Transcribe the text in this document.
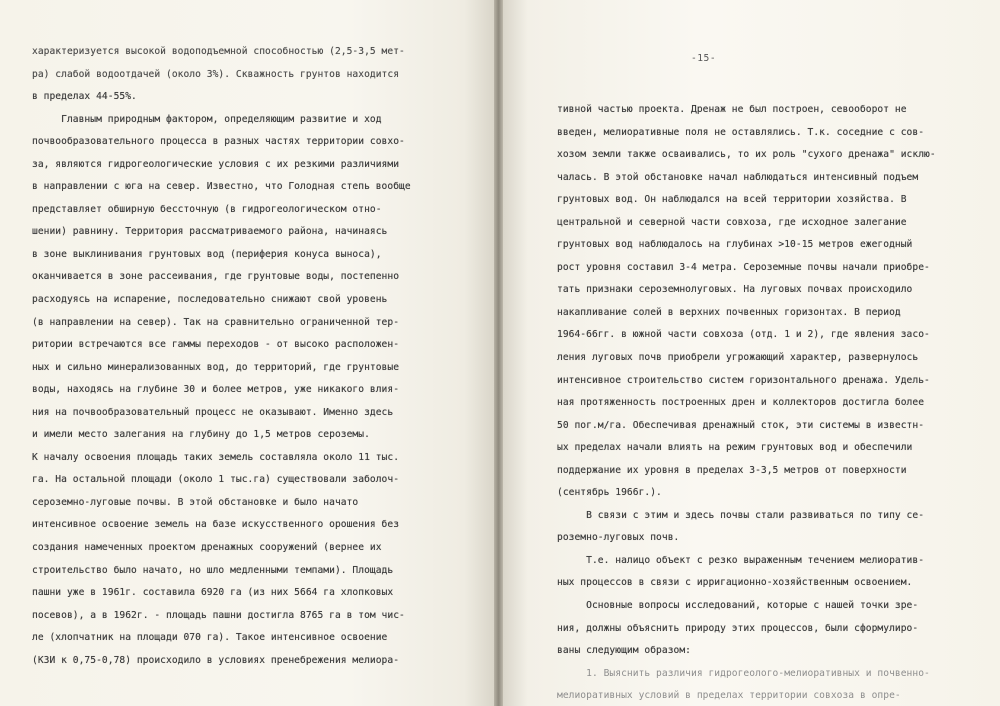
характеризуется высокой водоподъемной способностью (2,5-3,5 мет-
ра) слабой водоотдачей (около 3%). Скважность грунтов находится
в пределах 44-55%.
Главным природным фактором, определяющим развитие и ход
почвообразовательного процесса в разных частях территории совхо-
за, являются гидрогеологические условия с их резкими различиями
в направлении с юга на север. Известно, что Голодная степь вообще
представляет обширную бессточную (в гидрогеологическом отно-
шении) равнину. Территория рассматриваемого района, начинаясь
в зоне выклинивания грунтовых вод (периферия конуса выноса),
оканчивается в зоне рассеивания, где грунтовые воды, постепенно
расходуясь на испарение, последовательно снижают свой уровень
(в направлении на север). Так на сравнительно ограниченной тер-
ритории встречаются все гаммы переходов - от высоко расположен-
ных и сильно минерализованных вод, до территорий, где грунтовые
воды, находясь на глубине 30 и более метров, уже никакого влия-
ния на почвообразовательный процесс не оказывают. Именно здесь
и имели место залегания на глубину до 1,5 метров сероземы.
К началу освоения площадь таких земель составляла около 11 тыс.
га. На остальной площади (около 1 тыс.га) существовали заболоч-
сероземно-луговые почвы. В этой обстановке и было начато
интенсивное освоение земель на базе искусственного орошения без
создания намеченных проектом дренажных сооружений (вернее их
строительство было начато, но шло медленными темпами). Площадь
пашни уже в 1961г. составила 6920 га (из них 5664 га хлопковых
посевов), а в 1962г. - площадь пашни достигла 8765 га в том чис-
ле (хлопчатник на площади 070 га). Такое интенсивное освоение
(КЗИ к 0,75-0,78) происходило в условиях пренебрежения мелиора-
-15-
тивной частью проекта. Дренаж не был построен, севооборот не
введен, мелиоративные поля не оставлялись. Т.к. соседние с сов-
хозом земли также осваивались, то их роль "сухого дренажа" исклю-
чалась. В этой обстановке начал наблюдаться интенсивный подъем
грунтовых вод. Он наблюдался на всей территории хозяйства. В
центральной и северной части совхоза, где исходное залегание
грунтовых вод наблюдалось на глубинах >10-15 метров ежегодный
рост уровня составил 3-4 метра. Сероземные почвы начали приобре-
тать признаки сероземнолуговых. На луговых почвах происходило
накапливание солей в верхних почвенных горизонтах. В период
1964-66гг. в южной части совхоза (отд. 1 и 2), где явления засо-
ления луговых почв приобрели угрожающий характер, развернулось
интенсивное строительство систем горизонтального дренажа. Удель-
ная протяженность построенных дрен и коллекторов достигла более
50 пог.м/га. Обеспечивая дренажный сток, эти системы в известн-
ых пределах начали влиять на режим грунтовых вод и обеспечили
поддержание их уровня в пределах 3-3,5 метров от поверхности
(сентябрь 1966г.).
В связи с этим и здесь почвы стали развиваться по типу се-
роземно-луговых почв.
Т.е. налицо объект с резко выраженным течением мелиоратив-
ных процессов в связи с ирригационно-хозяйственным освоением.
Основные вопросы исследований, которые с нашей точки зре-
ния, должны объяснить природу этих процессов, были сформулиро-
ваны следующим образом:
1. Выяснить различия гидрогеолого-мелиоративных и почвенно-
мелиоративных условий в пределах территории совхоза в опре-
